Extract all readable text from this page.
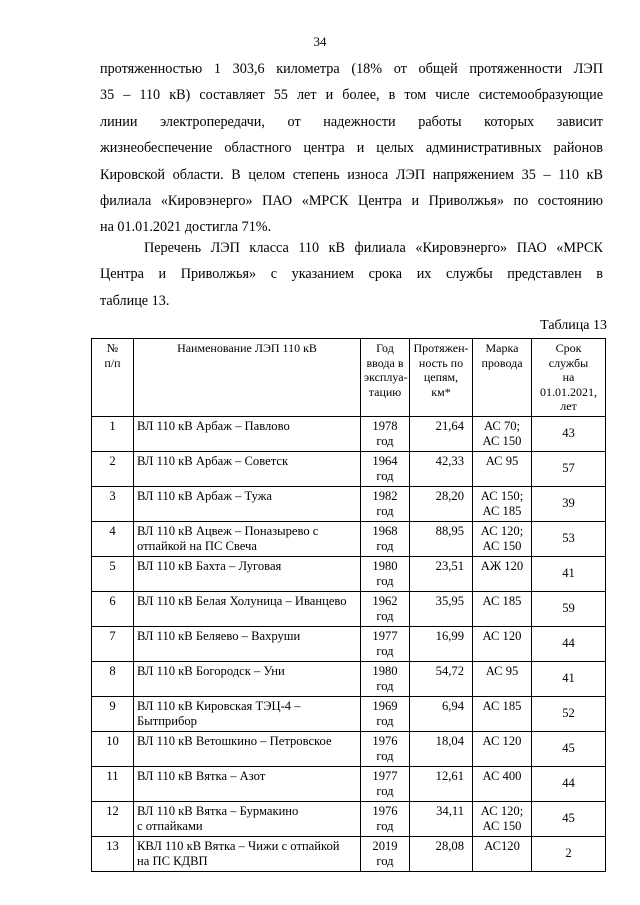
34
протяженностью 1 303,6 километра (18% от общей протяженности ЛЭП
35 – 110 кВ) составляет 55 лет и более, в том числе системообразующие
линии электропередачи, от надежности работы которых зависит
жизнеобеспечение областного центра и целых административных районов
Кировской области. В целом степень износа ЛЭП напряжением 35 – 110 кВ
филиала «Кировэнерго» ПАО «МРСК Центра и Приволжья» по состоянию
на 01.01.2021 достигла 71%.
Перечень ЛЭП класса 110 кВ филиала «Кировэнерго» ПАО «МРСК
Центра и Приволжья» с указанием срока их службы представлен в
таблице 13.
Таблица 13
№
п/п	Наименование ЛЭП 110 кВ	Год
ввода в
эксплуа-
тацию	Протяжен-
ность по
цепям,
км*	Марка
провода	Срок
службы
на
01.01.2021,
лет

1	ВЛ 110 кВ Арбаж – Павлово	1978
год	21,64	АС 70;
АС 150	43
2	ВЛ 110 кВ Арбаж – Советск	1964
год	42,33	АС 95	57
3	ВЛ 110 кВ Арбаж – Тужа	1982
год	28,20	АС 150;
АС 185	39
4	ВЛ 110 кВ Ацвеж – Поназырево с
отпайкой на ПС Свеча	1968
год	88,95	АС 120;
АС 150	53
5	ВЛ 110 кВ Бахта – Луговая	1980
год	23,51	АЖ 120	41
6	ВЛ 110 кВ Белая Холуница – Иванцево	1962
год	35,95	АС 185	59
7	ВЛ 110 кВ Беляево – Вахруши	1977
год	16,99	АС 120	44
8	ВЛ 110 кВ Богородск – Уни	1980
год	54,72	АС 95	41
9	ВЛ 110 кВ Кировская ТЭЦ-4 –
Бытприбор	1969
год	6,94	АС 185	52
10	ВЛ 110 кВ Ветошкино – Петровское	1976
год	18,04	АС 120	45
11	ВЛ 110 кВ Вятка – Азот	1977
год	12,61	АС 400	44
12	ВЛ 110 кВ Вятка – Бурмакино
с отпайками	1976
год	34,11	АС 120;
АС 150	45
13	КВЛ 110 кВ Вятка – Чижи с отпайкой
на ПС КДВП	2019
год	28,08	АС120	2
